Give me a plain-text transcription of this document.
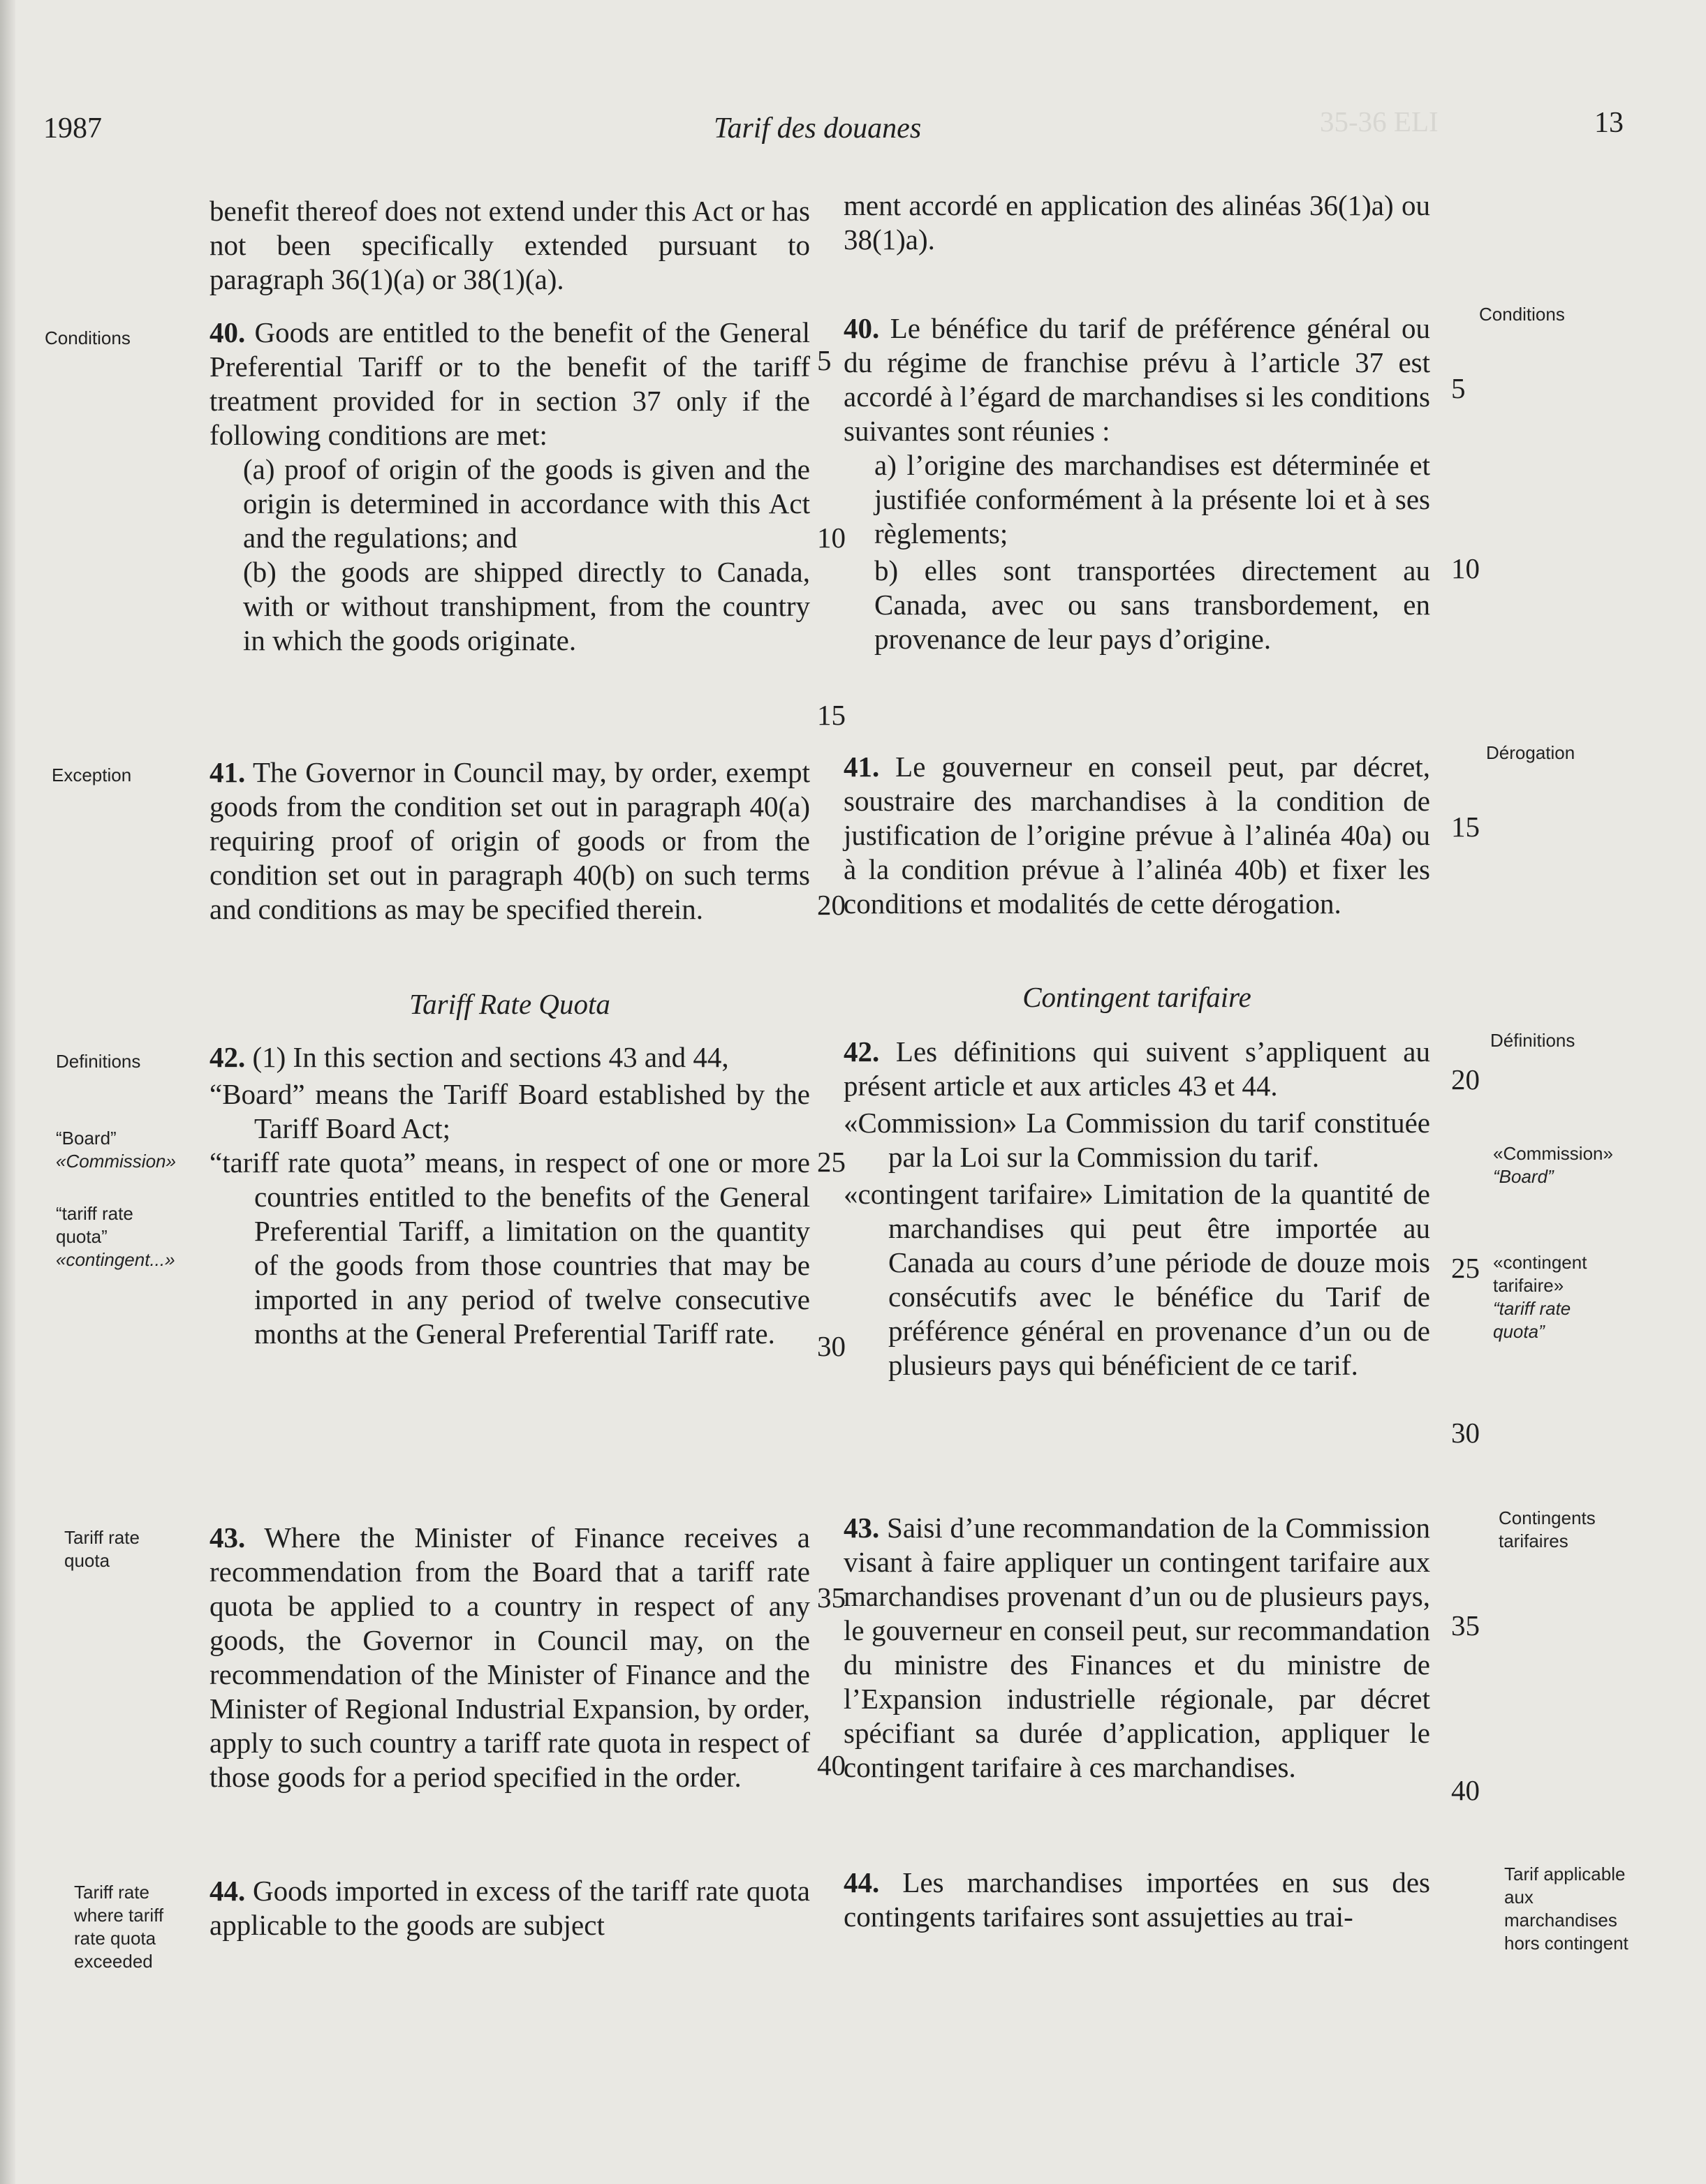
35-36 ELI
1987	Tarif des douanes	13
benefit thereof does not extend under this Act or has not been specifically extended pursuant to paragraph 36(1)(a) or 38(1)(a).

40. Goods are entitled to the benefit of the General Preferential Tariff or to the benefit of the tariff treatment provided for in section 37 only if the following conditions are met:

(a) proof of origin of the goods is given and the origin is determined in accordance with this Act and the regulations; and

(b) the goods are shipped directly to Canada, with or without transhipment, from the country in which the goods originate.

41. The Governor in Council may, by order, exempt goods from the condition set out in paragraph 40(a) requiring proof of origin of goods or from the condition set out in paragraph 40(b) on such terms and conditions as may be specified therein.

Tariff Rate Quota

42. (1) In this section and sections 43 and 44,

“Board” means the Tariff Board established by the Tariff Board Act;

“tariff rate quota” means, in respect of one or more countries entitled to the benefits of the General Preferential Tariff, a limitation on the quantity of the goods from those countries that may be imported in any period of twelve consecutive months at the General Preferential Tariff rate.

43. Where the Minister of Finance receives a recommendation from the Board that a tariff rate quota be applied to a country in respect of any goods, the Governor in Council may, on the recommendation of the Minister of Finance and the Minister of Regional Industrial Expansion, by order, apply to such country a tariff rate quota in respect of those goods for a period specified in the order.

44. Goods imported in excess of the tariff rate quota applicable to the goods are subject

5
10
15
20
25
30
35
40
ment accordé en application des alinéas 36(1)a) ou 38(1)a).

40. Le bénéfice du tarif de préférence général ou du régime de franchise prévu à l’article 37 est accordé à l’égard de marchandises si les conditions suivantes sont réunies :

a) l’origine des marchandises est déterminée et justifiée conformément à la présente loi et à ses règlements;

b) elles sont transportées directement au Canada, avec ou sans transbordement, en provenance de leur pays d’origine.

41. Le gouverneur en conseil peut, par décret, soustraire des marchandises à la condition de justification de l’origine prévue à l’alinéa 40a) ou à la condition prévue à l’alinéa 40b) et fixer les conditions et modalités de cette dérogation.

Contingent tarifaire

42. Les définitions qui suivent s’appliquent au présent article et aux articles 43 et 44.

«Commission» La Commission du tarif constituée par la Loi sur la Commission du tarif.

«contingent tarifaire» Limitation de la quantité de marchandises qui peut être importée au Canada au cours d’une période de douze mois consécutifs avec le bénéfice du Tarif de préférence général en provenance d’un ou de plusieurs pays qui bénéficient de ce tarif.

43. Saisi d’une recommandation de la Commission visant à faire appliquer un contingent tarifaire aux marchandises provenant d’un ou de plusieurs pays, le gouverneur en conseil peut, sur recommandation du ministre des Finances et du ministre de l’Expansion industrielle régionale, par décret spécifiant sa durée d’application, appliquer le contingent tarifaire à ces marchandises.

44. Les marchandises importées en sus des contingents tarifaires sont assujetties au trai-

5
10
15
20
25
30
35
40
Conditions
Exception
Definitions
“Board”
«Commission»
“tariff rate quota”
«contingent...»
Tariff rate quota
Tariff rate where tariff rate quota exceeded
Conditions
Dérogation
Définitions
«Commission»
“Board”
«contingent tarifaire»
“tariff rate quota”
Contingents tarifaires
Tarif applicable aux marchandises hors contingent
